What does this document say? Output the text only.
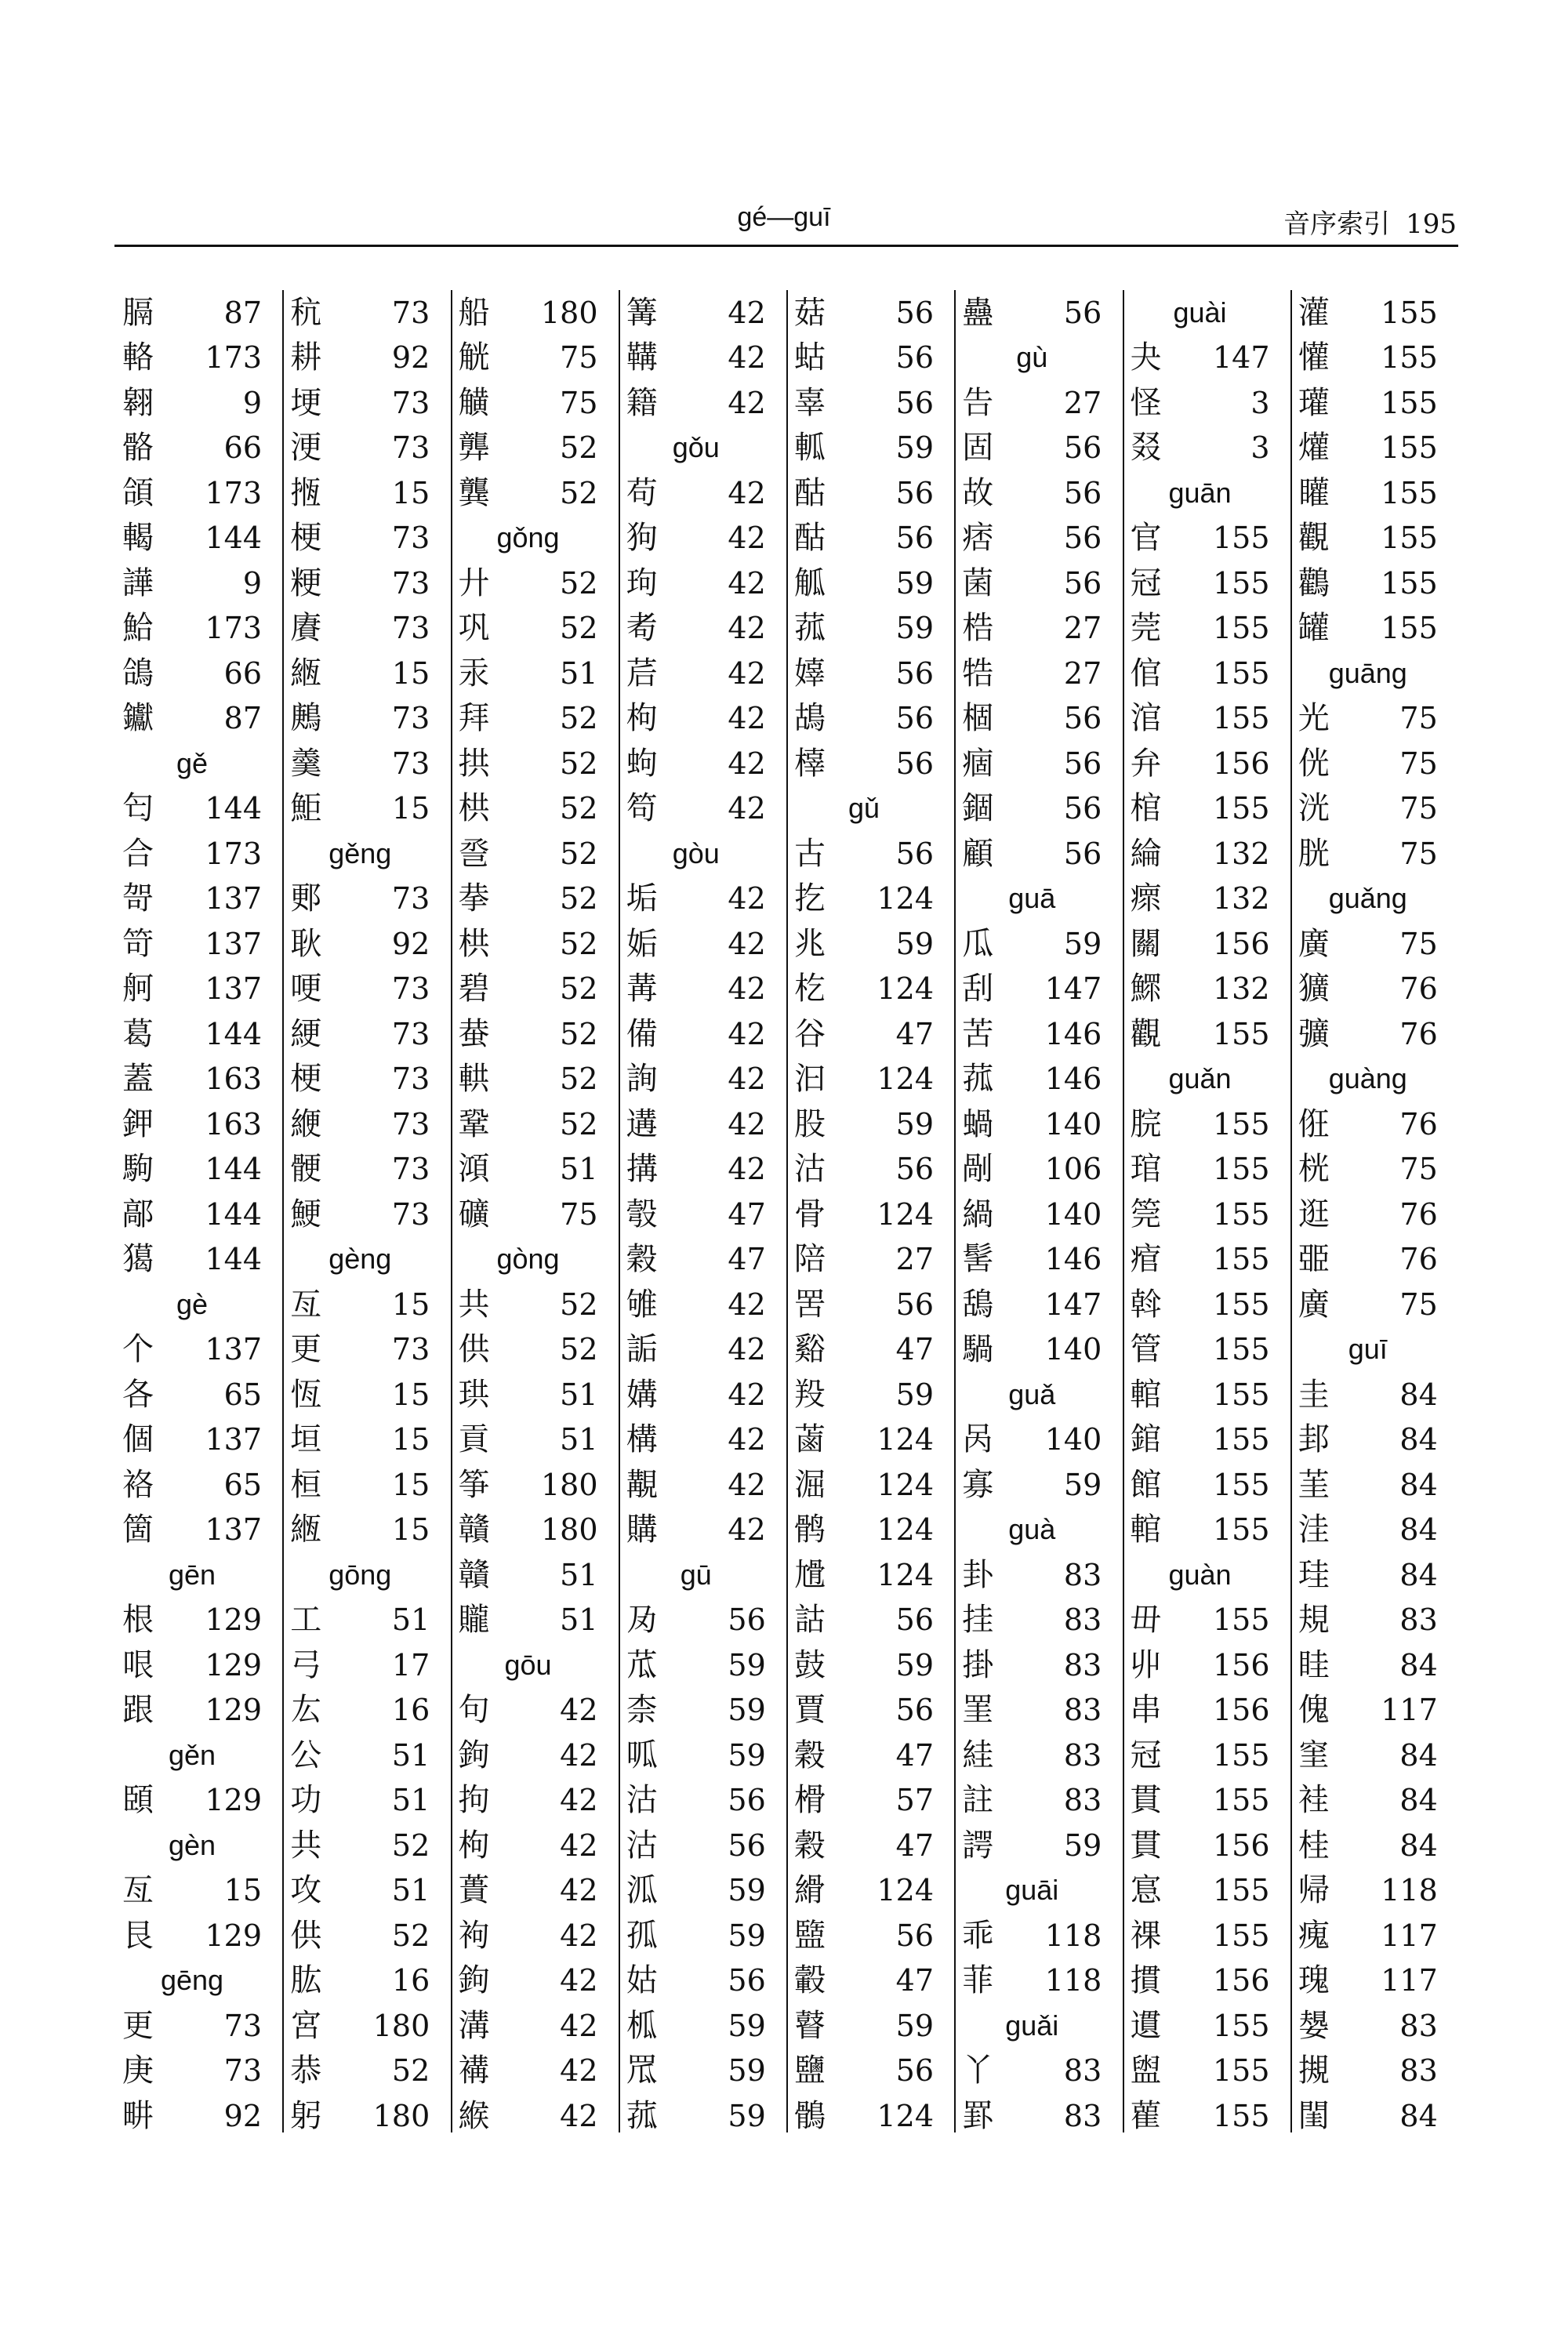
gé—guī	音序索引 195
膈 87
輅 173
翱	9
骼 66
頜 173
輵 144
譁	9
鮯 173
鴿 66
钀 87
gě
匄 144
合 173
哿 137
笴 137
舸 137
葛 144
蓋 163
鉀 163
駒 144
鄗 144
獦 144
gè
个 137
各 65
個 137
袼 65
箇 137
gēn
根 129
哏 129
跟 129
gěn
頣 129
gèn
亙 15
艮 129
gēng
更 73
庚 73
畊 92
秔 73
耕 92
埂 73
浭 73
揯 15
梗 73
粳 73
賡 73
緪 15
鶊 73
羹 73
鮔 15
gěng
郠 73
耿 92
哽 73
綆 73
梗 73
緶 73
骾 73
鯁 73
gèng
亙 15
更 73
恆 15
垣 15
桓 15
緪 15
gōng
工 51
弓 17
厷 16
公 51
功 51
共 52
攻 51
供 52
肱 16
宮 180
恭 52
躬 180
船 180
觥 75
觵 75
龏 52
龔 52
gǒng
廾 52
巩 52
汞 51
拜 52
拱 52
栱 52
巹 52
拲 52
栱 52
碧 52
蛬 52
輁 52
鞏 52
澒 51
礦 75
gòng
共 52
供 52
珙 51
貢 51
筝 180
贛 180
贛 51
贚 51
gōu
句 42
鉤 42
拘 42
枸 42
蕢 42
袧 42
鉤 42
溝 42
褠 42
緱 42
篝 42
鞲 42
籍 42
gǒu
苟 42
狗 42
玽 42
耇 42
茩 42
枸 42
蚼 42
笱 42
gòu
垢 42
姤 42
冓 42
備 42
詢 42
遘 42
搆 42
彀 47
穀 47
雊 42
詬 42
媾 42
構 42
覯 42
購 42
gū
夃 56
苽 59
柰 59
呱 59
沽 56
沽 56
泒 59
孤 59
姑 56
柧 59
罛 59
菰 59
菇 56
蛄 56
辜 56
軱 59
酤 56
酤 56
觚 59
菰 59
嫴 56
鴣 56
橭 56
gǔ
古 56
扢 124
兆 59
杚 124
谷 47
汩 124
股 59
沽 56
骨 124
陪 27
罟 56
谿 47
羖 59
蓾 124
淈 124
鹘 124
尳 124
詁 56
鼓 59
賈 56
穀 47
榾 57
穀 47
縎 124
盬 56
轂 47
瞽 59
鹽 56
鶻 124
蠱 56
gù
告 27
固 56
故 56
痞 56
菌 56
梏 27
牿 27
棝 56
痼 56
錮 56
顧 56
guā
瓜 59
刮 147
苦 146
菰 146
蝸 140
剮 106
緺 140
髺 146
鴰 147
騧 140
guǎ
呙 140
寡 59
guà
卦 83
挂 83
掛 83
罣 83
絓 83
註 83
諤 59
guāi
乖 118
菲 118
guǎi
丫 83
罫 83
guài
夬 147
怪	3
叕	3
guān
官 155
冠 155
莞 155
倌 155
涫 155
弁 156
棺 155
綸 132
瘝 132
關 156
鰥 132
觀 155
guǎn
脘 155
琯 155
筦 155
痯 155
斡 155
管 155
輨 155
錧 155
館 155
輨 155
guàn
毌 155
丱 156
串 156
冠 155
貫 155
貫 156
悹 155
祼 155
摜 156
遦 155
盥 155
雚 155
灌 155
懽 155
瓘 155
爟 155
矔 155
觀 155
鸛 155
罐 155
guāng
光 75
侊 75
洸 75
胱 75
guǎng
廣 75
獷 76
彍 76
guàng
俇 76
桄 75
逛 76
臦 76
廣 75
guī
圭 84
邽 84
茥 84
洼 84
珪 84
規 83
眭 84
傀 117
窐 84
袿 84
桂 84
帰 118
瘣 117
瑰 117
嫢 83
摫 83
閨 84
